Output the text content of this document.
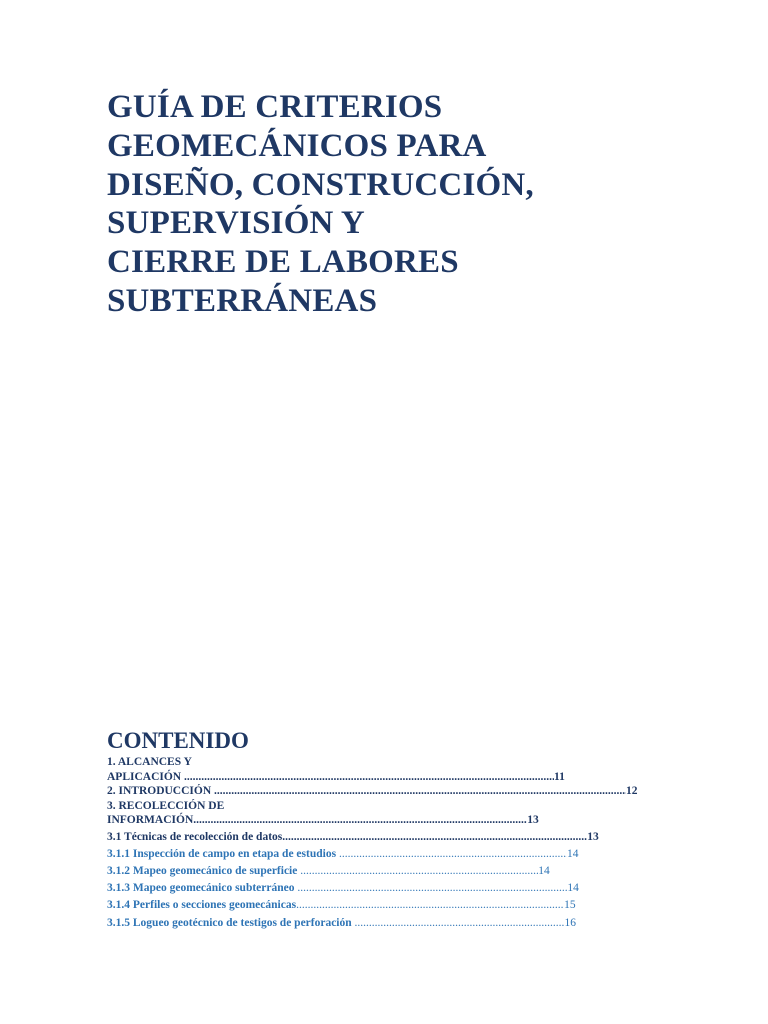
GUÍA DE CRITERIOS
GEOMECÁNICOS PARA
DISEÑO, CONSTRUCCIÓN,
SUPERVISIÓN Y
CIERRE DE LABORES
SUBTERRÁNEAS
CONTENIDO
1. ALCANCES Y
APLICACIÓN .....	11
2. INTRODUCCIÓN .....	12
3. RECOLECCIÓN DE
INFORMACIÓN .....	13
3.1 Técnicas de recolección de datos .....	13
3.1.1 Inspección de campo en etapa de estudios .....	14
3.1.2 Mapeo geomecánico de superficie .....	14
3.1.3 Mapeo geomecánico subterráneo .....	14
3.1.4 Perfiles o secciones geomecánicas .....	15
3.1.5 Logueo geotécnico de testigos de perforación .....	16
